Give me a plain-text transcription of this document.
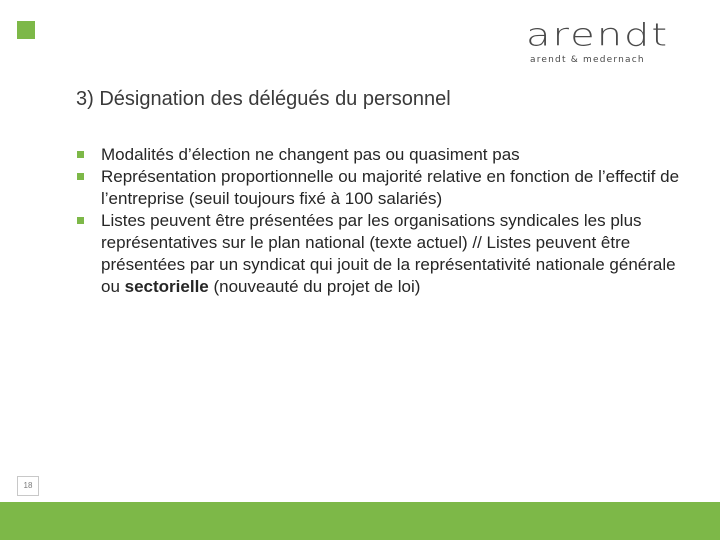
arendt
arendt & medernach
3) Désignation des délégués du personnel
Modalités d’élection ne changent pas ou quasiment pas
Représentation proportionnelle ou majorité relative en fonction de l’effectif de l’entreprise (seuil toujours fixé à 100 salariés)
Listes peuvent être présentées par les organisations syndicales les plus représentatives sur le plan national (texte actuel) // Listes peuvent être présentées par un syndicat qui jouit de la représentativité nationale générale ou sectorielle (nouveauté du projet de loi)
18
